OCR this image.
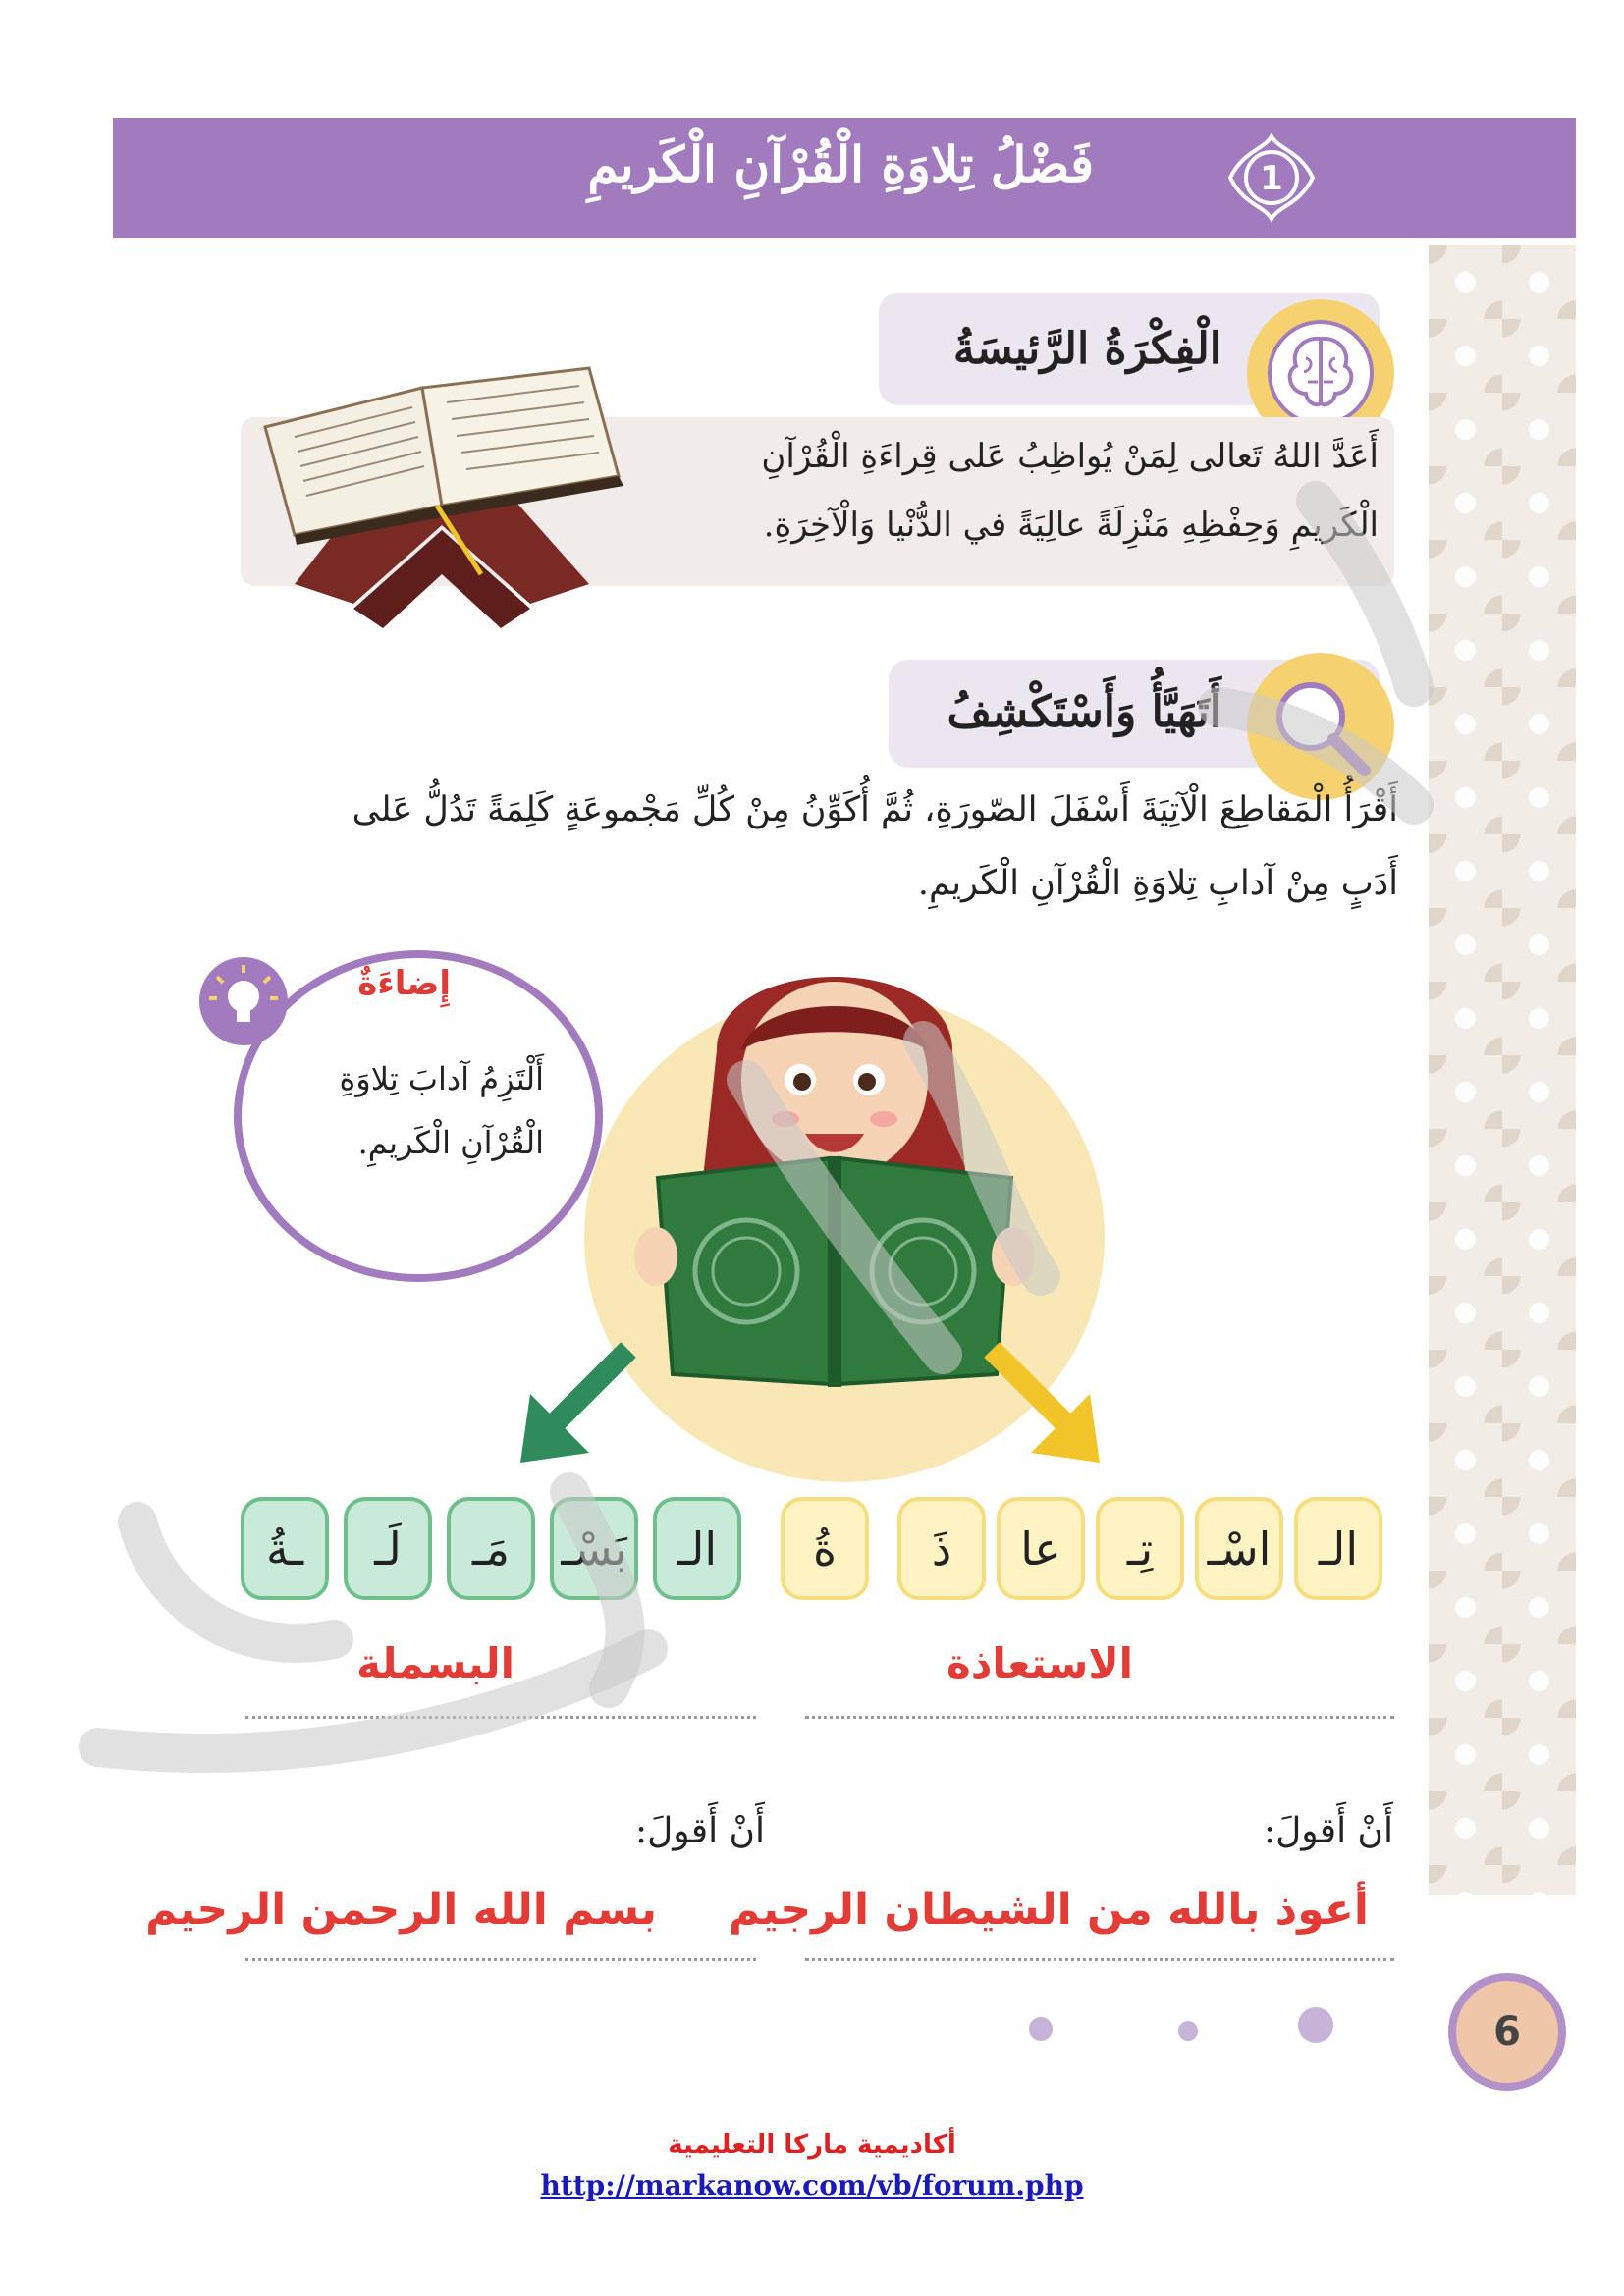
1
فَضْلُ تِلاوَةِ الْقُرْآنِ الْكَريمِ
الْفِكْرَةُ الرَّئيسَةُ
أَعَدَّ اللهُ تَعالى لِمَنْ يُواظِبُ عَلى قِراءَةِ الْقُرْآنِ
الْكَريمِ وَحِفْظِهِ مَنْزِلَةً عالِيَةً في الدُّنْيا وَالْآخِرَةِ.
أَتَهَيَّأُ وَأَسْتَكْشِفُ
أَقْرَأُ الْمَقاطِعَ الْآتِيَةَ أَسْفَلَ الصّورَةِ، ثُمَّ أُكَوِّنُ مِنْ كُلِّ مَجْموعَةٍ كَلِمَةً تَدُلُّ عَلى
أَدَبٍ مِنْ آدابِ تِلاوَةِ الْقُرْآنِ الْكَريمِ.
إِضاءَةٌ
أَلْتَزِمُ آدابَ تِلاوَةِ
الْقُرْآنِ الْكَريمِ.
الـ
اسْـ
تِـ
عا
ذَ
ةُ
الـ
بَسْـ
مَـ
لَـ
ـةُ
الاستعاذة
البسملة
أَنْ أَقولَ:
أعوذ بالله من الشيطان الرجيم
أَنْ أَقولَ:
بسم الله الرحمن الرحيم
6
أكاديمية ماركا التعليمية
http://markanow.com/vb/forum.php
